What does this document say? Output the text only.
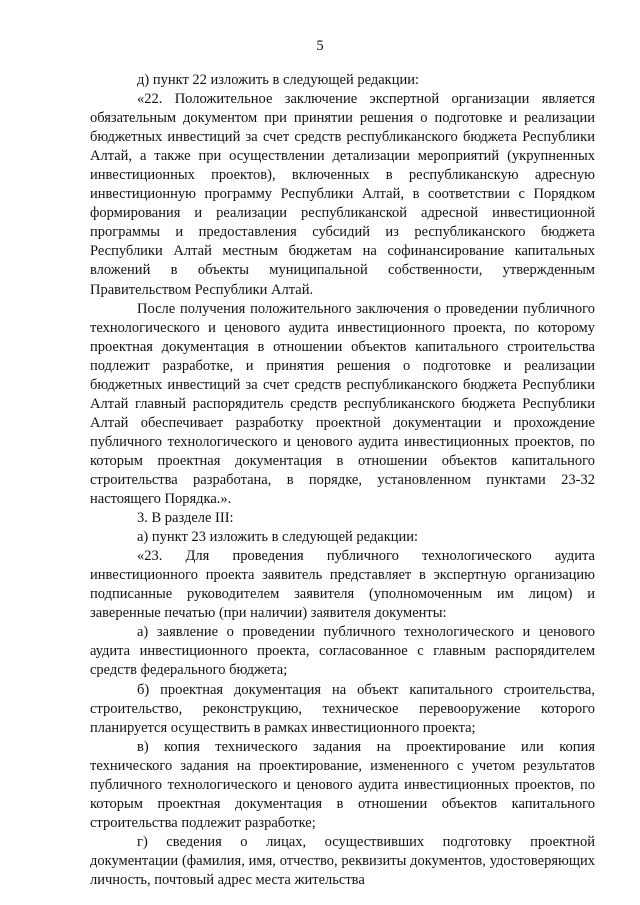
5

д) пункт 22 изложить в следующей редакции:

«22. Положительное заключение экспертной организации является обязательным документом при принятии решения о подготовке и реализации бюджетных инвестиций за счет средств республиканского бюджета Республики Алтай, а также при осуществлении детализации мероприятий (укрупненных инвестиционных проектов), включенных в республиканскую адресную инвестиционную программу Республики Алтай, в соответствии с Порядком формирования и реализации республиканской адресной инвестиционной программы и предоставления субсидий из республиканского бюджета Республики Алтай местным бюджетам на софинансирование капитальных вложений в объекты муниципальной собственности, утвержденным Правительством Республики Алтай.

После получения положительного заключения о проведении публичного технологического и ценового аудита инвестиционного проекта, по которому проектная документация в отношении объектов капитального строительства подлежит разработке, и принятия решения о подготовке и реализации бюджетных инвестиций за счет средств республиканского бюджета Республики Алтай главный распорядитель средств республиканского бюджета Республики Алтай обеспечивает разработку проектной документации и прохождение публичного технологического и ценового аудита инвестиционных проектов, по которым проектная документация в отношении объектов капитального строительства разработана, в порядке, установленном пунктами 23-32 настоящего Порядка.».

3. В разделе III:

а) пункт 23 изложить в следующей редакции:

«23. Для проведения публичного технологического аудита инвестиционного проекта заявитель представляет в экспертную организацию подписанные руководителем заявителя (уполномоченным им лицом) и заверенные печатью (при наличии) заявителя документы:

а) заявление о проведении публичного технологического и ценового аудита инвестиционного проекта, согласованное с главным распорядителем средств федерального бюджета;

б) проектная документация на объект капитального строительства, строительство, реконструкцию, техническое перевооружение которого планируется осуществить в рамках инвестиционного проекта;

в) копия технического задания на проектирование или копия технического задания на проектирование, измененного с учетом результатов публичного технологического и ценового аудита инвестиционных проектов, по которым проектная документация в отношении объектов капитального строительства подлежит разработке;

г) сведения о лицах, осуществивших подготовку проектной документации (фамилия, имя, отчество, реквизиты документов, удостоверяющих личность, почтовый адрес места жительства
